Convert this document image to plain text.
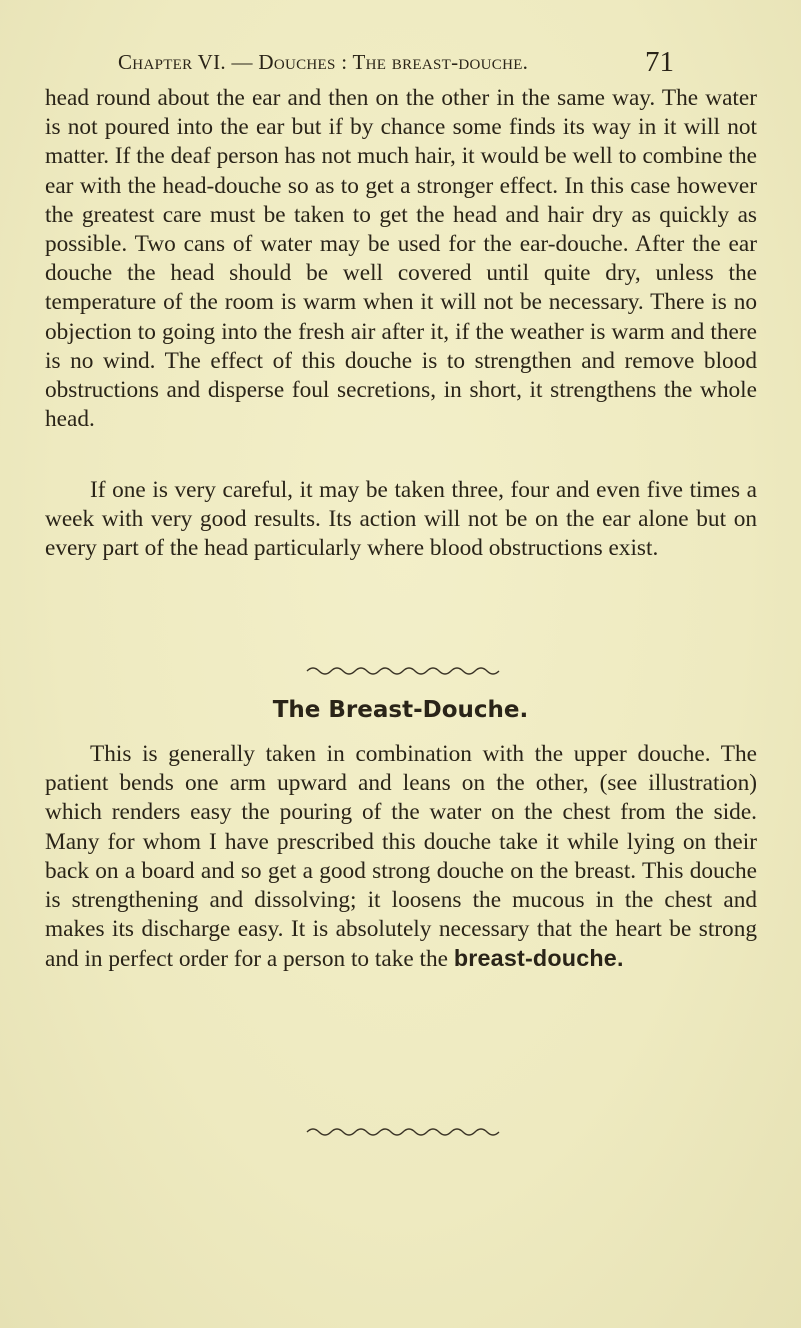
Chapter VI. — Douches : The breast-douche.	71

head round about the ear and then on the other in the same way. The water is not poured into the ear but if by chance some finds its way in it will not matter. If the deaf person has not much hair, it would be well to combine the ear with the head-douche so as to get a stronger effect. In this case however the greatest care must be taken to get the head and hair dry as quickly as possible. Two cans of water may be used for the ear-douche. After the ear douche the head should be well covered until quite dry, unless the temperature of the room is warm when it will not be necessary. There is no objection to going into the fresh air after it, if the weather is warm and there is no wind. The effect of this douche is to strengthen and remove blood obstructions and disperse foul secretions, in short, it strengthens the whole head.

If one is very careful, it may be taken three, four and even five times a week with very good results. Its action will not be on the ear alone but on every part of the head particularly where blood obstructions exist.

The Breast-Douche.

This is generally taken in combination with the upper douche. The patient bends one arm upward and leans on the other, (see illustration) which renders easy the pouring of the water on the chest from the side. Many for whom I have prescribed this douche take it while lying on their back on a board and so get a good strong douche on the breast. This douche is strengthening and dissolving; it loosens the mucous in the chest and makes its discharge easy. It is absolutely necessary that the heart be strong and in perfect order for a person to take the breast-douche.
